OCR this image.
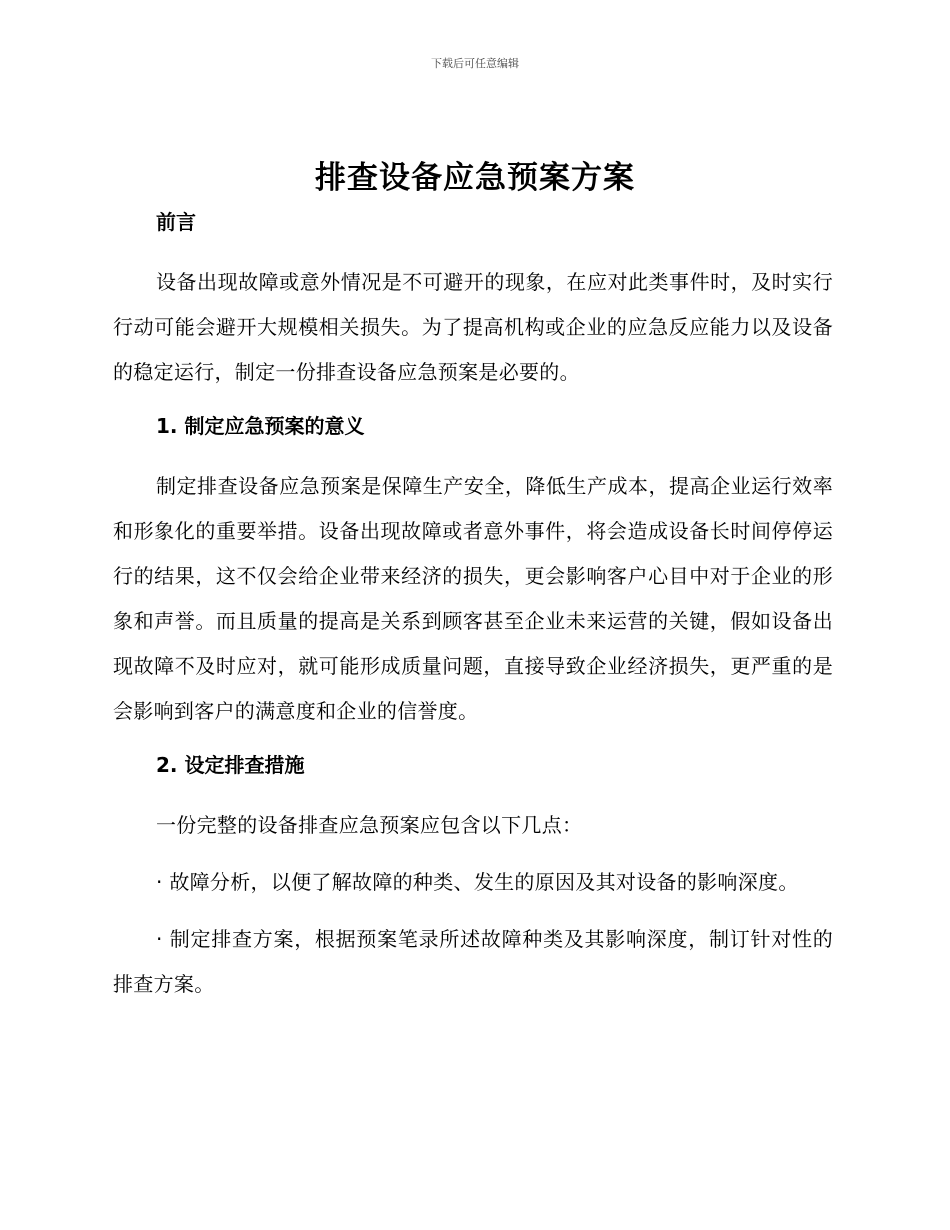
下载后可任意编辑
排查设备应急预案方案

前言

设备出现故障或意外情况是不可避开的现象，在应对此类事件时，及时实行行动可能会避开大规模相关损失。为了提高机构或企业的应急反应能力以及设备的稳定运行，制定一份排查设备应急预案是必要的。

1. 制定应急预案的意义

制定排查设备应急预案是保障生产安全，降低生产成本，提高企业运行效率和形象化的重要举措。设备出现故障或者意外事件，将会造成设备长时间停停运行的结果，这不仅会给企业带来经济的损失，更会影响客户心目中对于企业的形象和声誉。而且质量的提高是关系到顾客甚至企业未来运营的关键，假如设备出现故障不及时应对，就可能形成质量问题，直接导致企业经济损失，更严重的是会影响到客户的满意度和企业的信誉度。

2. 设定排查措施

一份完整的设备排查应急预案应包含以下几点：

· 故障分析，以便了解故障的种类、发生的原因及其对设备的影响深度。

· 制定排查方案，根据预案笔录所述故障种类及其影响深度，制订针对性的排查方案。
